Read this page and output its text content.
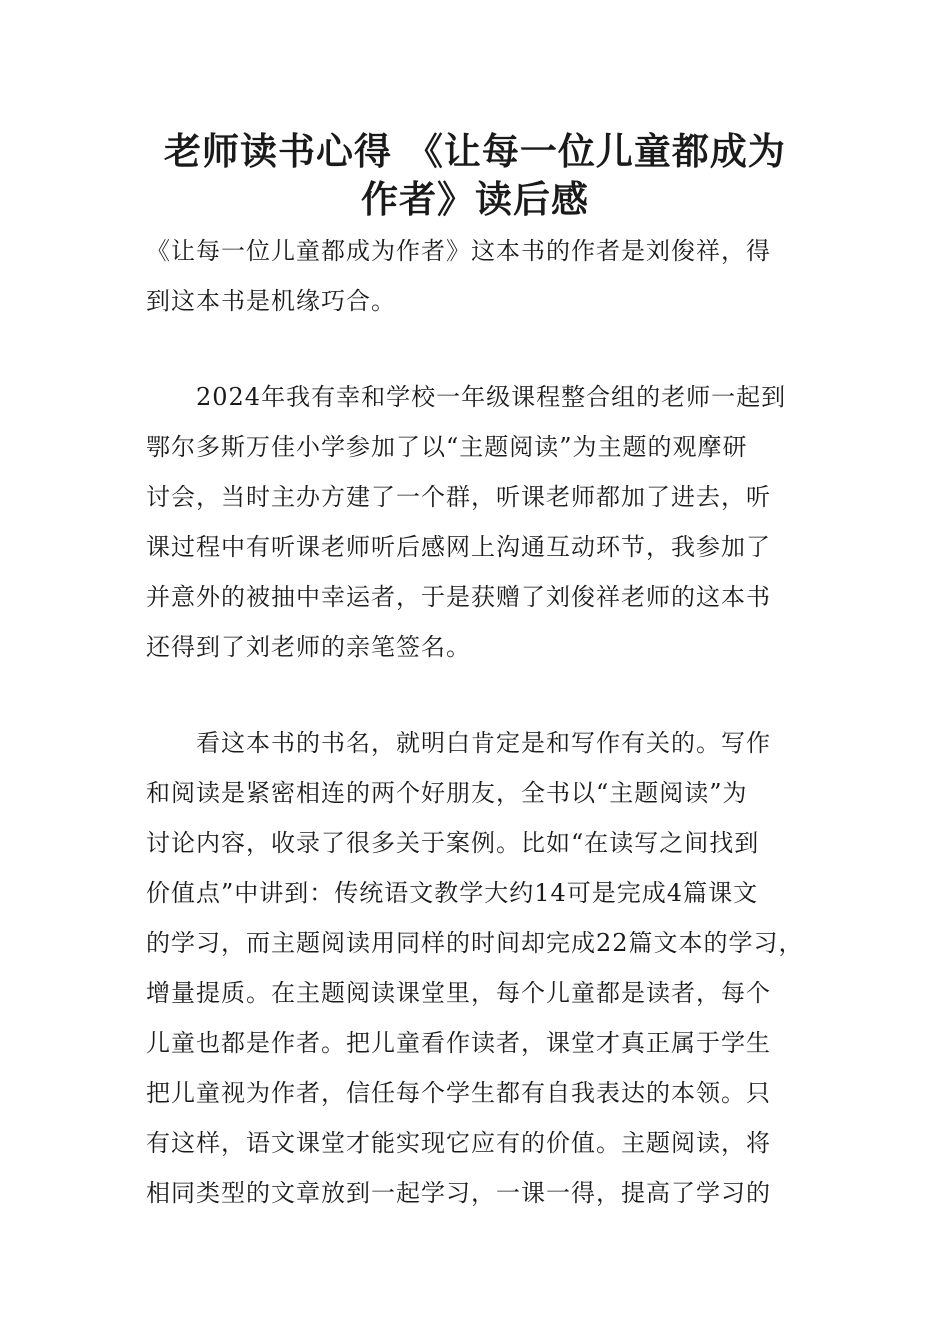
老师读书心得 《让每一位儿童都成为
作者》读后感

《让每一位儿童都成为作者》这本书的作者是刘俊祥，得
到这本书是机缘巧合。

　　2024年我有幸和学校一年级课程整合组的老师一起到
鄂尔多斯万佳小学参加了以“主题阅读”为主题的观摩研
讨会，当时主办方建了一个群，听课老师都加了进去，听
课过程中有听课老师听后感网上沟通互动环节，我参加了
并意外的被抽中幸运者，于是获赠了刘俊祥老师的这本书
还得到了刘老师的亲笔签名。

　　看这本书的书名，就明白肯定是和写作有关的。写作
和阅读是紧密相连的两个好朋友，全书以“主题阅读”为
讨论内容，收录了很多关于案例。比如“在读写之间找到
价值点”中讲到：传统语文教学大约14可是完成4篇课文
的学习，而主题阅读用同样的时间却完成22篇文本的学习，
增量提质。在主题阅读课堂里，每个儿童都是读者，每个
儿童也都是作者。把儿童看作读者，课堂才真正属于学生
把儿童视为作者，信任每个学生都有自我表达的本领。只
有这样，语文课堂才能实现它应有的价值。主题阅读，将
相同类型的文章放到一起学习，一课一得，提高了学习的
